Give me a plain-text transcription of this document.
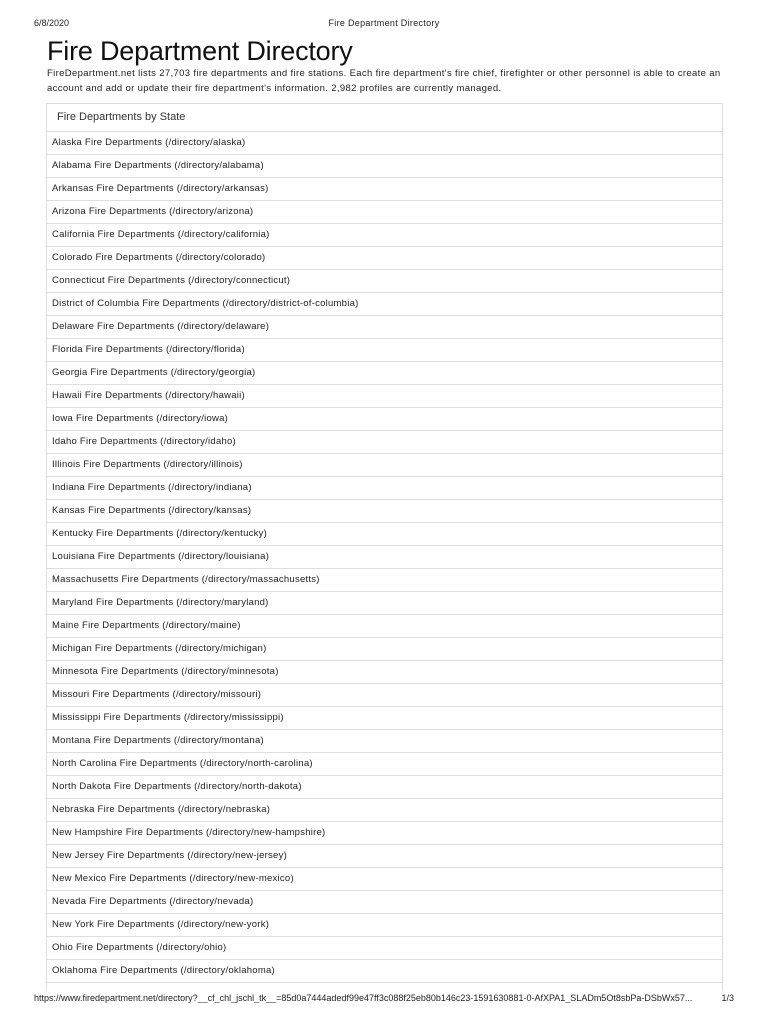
6/8/2020	Fire Department Directory
Fire Department Directory

FireDepartment.net lists 27,703 fire departments and fire stations. Each fire department's fire chief, firefighter or other personnel is able to create an account and add or update their fire department's information. 2,982 profiles are currently managed.

Fire Departments by State
Alaska Fire Departments (/directory/alaska)
Alabama Fire Departments (/directory/alabama)
Arkansas Fire Departments (/directory/arkansas)
Arizona Fire Departments (/directory/arizona)
California Fire Departments (/directory/california)
Colorado Fire Departments (/directory/colorado)
Connecticut Fire Departments (/directory/connecticut)
District of Columbia Fire Departments (/directory/district-of-columbia)
Delaware Fire Departments (/directory/delaware)
Florida Fire Departments (/directory/florida)
Georgia Fire Departments (/directory/georgia)
Hawaii Fire Departments (/directory/hawaii)
Iowa Fire Departments (/directory/iowa)
Idaho Fire Departments (/directory/idaho)
Illinois Fire Departments (/directory/illinois)
Indiana Fire Departments (/directory/indiana)
Kansas Fire Departments (/directory/kansas)
Kentucky Fire Departments (/directory/kentucky)
Louisiana Fire Departments (/directory/louisiana)
Massachusetts Fire Departments (/directory/massachusetts)
Maryland Fire Departments (/directory/maryland)
Maine Fire Departments (/directory/maine)
Michigan Fire Departments (/directory/michigan)
Minnesota Fire Departments (/directory/minnesota)
Missouri Fire Departments (/directory/missouri)
Mississippi Fire Departments (/directory/mississippi)
Montana Fire Departments (/directory/montana)
North Carolina Fire Departments (/directory/north-carolina)
North Dakota Fire Departments (/directory/north-dakota)
Nebraska Fire Departments (/directory/nebraska)
New Hampshire Fire Departments (/directory/new-hampshire)
New Jersey Fire Departments (/directory/new-jersey)
New Mexico Fire Departments (/directory/new-mexico)
Nevada Fire Departments (/directory/nevada)
New York Fire Departments (/directory/new-york)
Ohio Fire Departments (/directory/ohio)
Oklahoma Fire Departments (/directory/oklahoma)
https://www.firedepartment.net/directory?__cf_chl_jschl_tk__=85d0a7444adedf99e47ff3c088f25eb80b146c23-1591630881-0-AfXPA1_SLADm5Ot8sbPa-DSbWx57...	1/3
